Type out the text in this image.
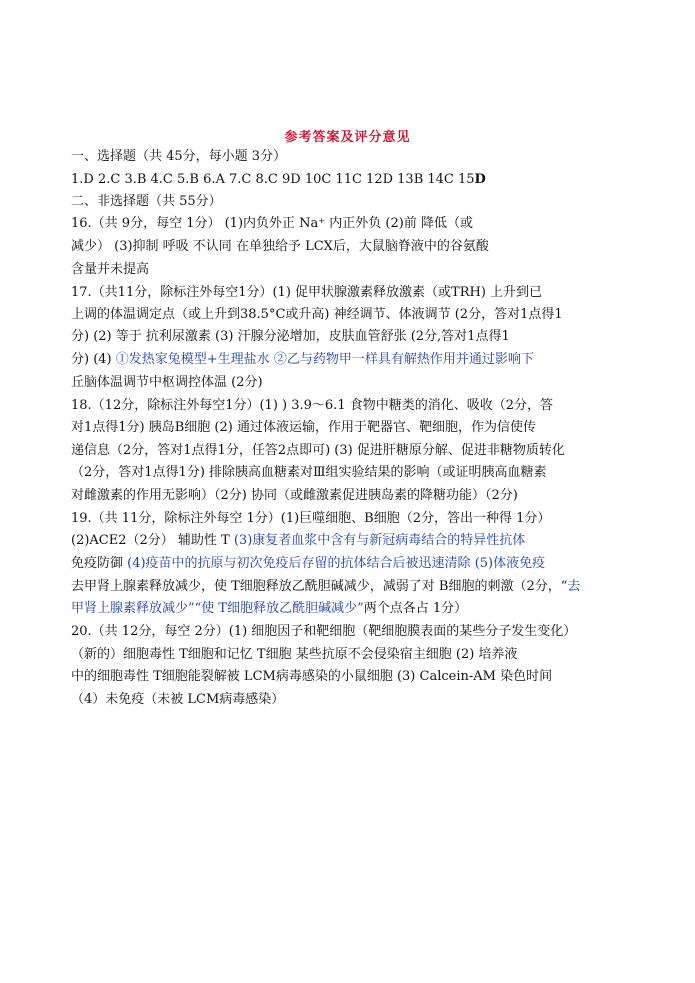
参考答案及评分意见
一、选择题（共 45分，每小题 3分）
1.D 2.C 3.B 4.C 5.B 6.A 7.C 8.C 9D 10C 11C 12D 13B 14C 15D
二、非选择题（共 55分）
16.（共 9分，每空 1分） (1)内负外正 Na⁺ 内正外负 (2)前 降低（或
减少） (3)抑制 呼吸 不认同 在单独给予 LCX后，大鼠脑脊液中的谷氨酸
含量并未提高
17.（共11分，除标注外每空1分）(1) 促甲状腺激素释放激素（或TRH) 上升到已
上调的体温调定点（或上升到38.5°C或升高) 神经调节、体液调节 (2分，答对1点得1
分) (2) 等于 抗利尿激素 (3) 汗腺分泌增加，皮肤血管舒张 (2分,答对1点得1
分) (4) ①发热家兔模型+生理盐水 ②乙与药物甲一样具有解热作用并通过影响下
丘脑体温调节中枢调控体温 (2分)
18.（12分，除标注外每空1分）(1) ) 3.9～6.1 食物中糖类的消化、吸收（2分，答
对1点得1分) 胰岛B细胞 (2) 通过体液运输，作用于靶器官、靶细胞，作为信使传
递信息（2分，答对1点得1分，任答2点即可) (3) 促进肝糖原分解、促进非糖物质转化
（2分，答对1点得1分) 排除胰高血糖素对Ⅲ组实验结果的影响（或证明胰高血糖素
对雌激素的作用无影响）（2分) 协同（或雌激素促进胰岛素的降糖功能）（2分)
19.（共 11分，除标注外每空 1分）(1)巨噬细胞、B细胞（2分，答出一种得 1分）
(2)ACE2（2分） 辅助性 T (3)康复者血浆中含有与新冠病毒结合的特异性抗体
免疫防御 (4)疫苗中的抗原与初次免疫后存留的抗体结合后被迅速清除 (5)体液免疫
去甲肾上腺素释放减少，使 T细胞释放乙酰胆碱减少，减弱了对 B细胞的刺激（2分，“去
甲肾上腺素释放减少”“使 T细胞释放乙酰胆碱减少”两个点各占 1分）
20.（共 12分，每空 2分）(1) 细胞因子和靶细胞（靶细胞膜表面的某些分子发生变化）
（新的）细胞毒性 T细胞和记忆 T细胞 某些抗原不会侵染宿主细胞 (2) 培养液
中的细胞毒性 T细胞能裂解被 LCM病毒感染的小鼠细胞 (3) Calcein-AM 染色时间
（4）未免疫（未被 LCM病毒感染）
